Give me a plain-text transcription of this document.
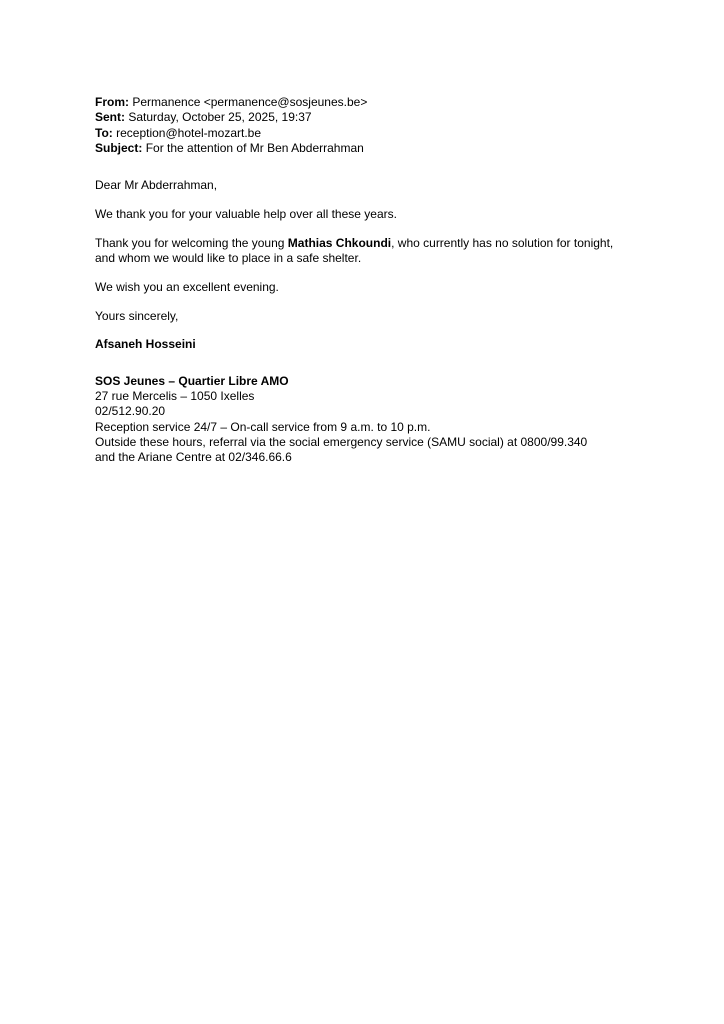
From: Permanence <permanence@sosjeunes.be>

Sent: Saturday, October 25, 2025, 19:37

To: reception@hotel-mozart.be

Subject: For the attention of Mr Ben Abderrahman

Dear Mr Abderrahman,

We thank you for your valuable help over all these years.

Thank you for welcoming the young Mathias Chkoundi, who currently has no solution for tonight,

and whom we would like to place in a safe shelter.

We wish you an excellent evening.

Yours sincerely,

Afsaneh Hosseini

SOS Jeunes – Quartier Libre AMO

27 rue Mercelis – 1050 Ixelles

02/512.90.20

Reception service 24/7 – On-call service from 9 a.m. to 10 p.m.

Outside these hours, referral via the social emergency service (SAMU social) at 0800/99.340

and the Ariane Centre at 02/346.66.6
